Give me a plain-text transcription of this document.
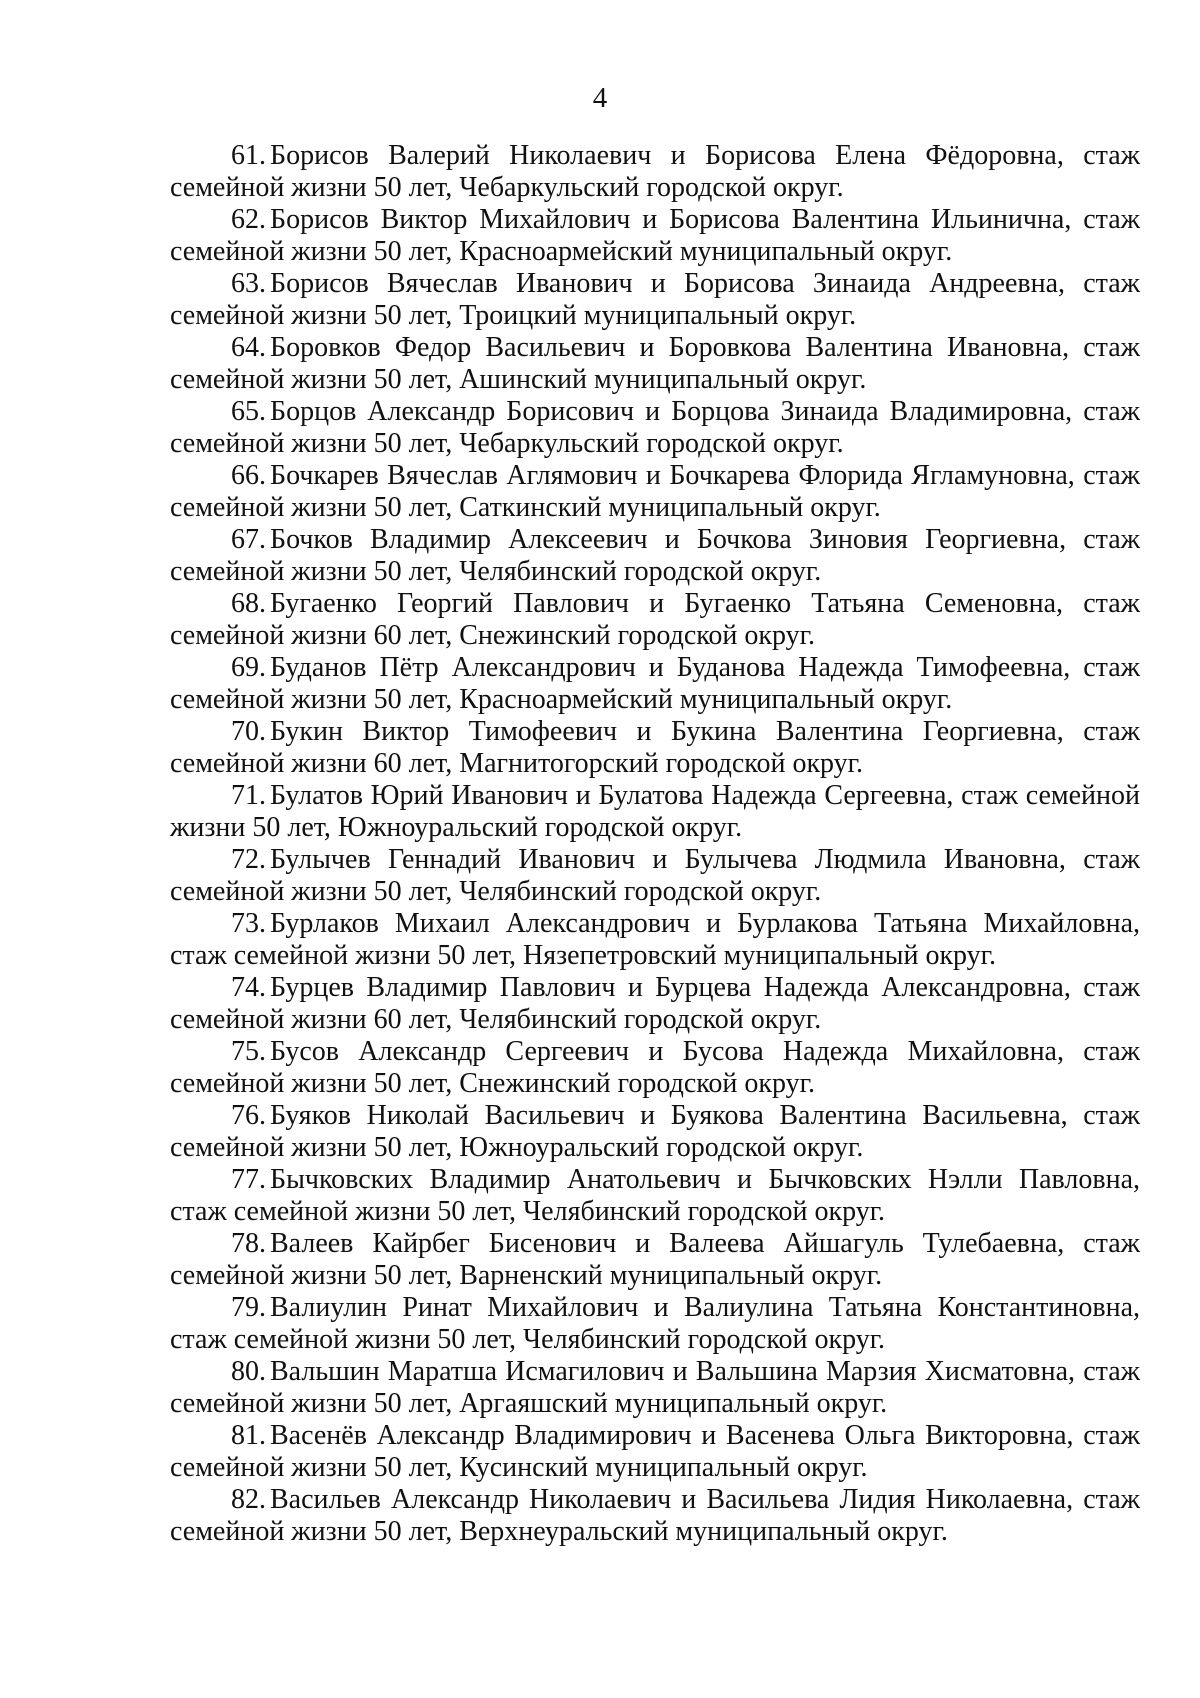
4

61. Борисов Валерий Николаевич и Борисова Елена Фёдоровна, стаж семейной жизни 50 лет, Чебаркульский городской округ.

62. Борисов Виктор Михайлович и Борисова Валентина Ильинична, стаж семейной жизни 50 лет, Красноармейский муниципальный округ.

63. Борисов Вячеслав Иванович и Борисова Зинаида Андреевна, стаж семейной жизни 50 лет, Троицкий муниципальный округ.

64. Боровков Федор Васильевич и Боровкова Валентина Ивановна, стаж семейной жизни 50 лет, Ашинский муниципальный округ.

65. Борцов Александр Борисович и Борцова Зинаида Владимировна, стаж семейной жизни 50 лет, Чебаркульский городской округ.

66. Бочкарев Вячеслав Аглямович и Бочкарева Флорида Ягламуновна, стаж семейной жизни 50 лет, Саткинский муниципальный округ.

67. Бочков Владимир Алексеевич и Бочкова Зиновия Георгиевна, стаж семейной жизни 50 лет, Челябинский городской округ.

68. Бугаенко Георгий Павлович и Бугаенко Татьяна Семеновна, стаж семейной жизни 60 лет, Снежинский городской округ.

69. Буданов Пётр Александрович и Буданова Надежда Тимофеевна, стаж семейной жизни 50 лет, Красноармейский муниципальный округ.

70. Букин Виктор Тимофеевич и Букина Валентина Георгиевна, стаж семейной жизни 60 лет, Магнитогорский городской округ.

71. Булатов Юрий Иванович и Булатова Надежда Сергеевна, стаж семейной жизни 50 лет, Южноуральский городской округ.

72. Булычев Геннадий Иванович и Булычева Людмила Ивановна, стаж семейной жизни 50 лет, Челябинский городской округ.

73. Бурлаков Михаил Александрович и Бурлакова Татьяна Михайловна, стаж семейной жизни 50 лет, Нязепетровский муниципальный округ.

74. Бурцев Владимир Павлович и Бурцева Надежда Александровна, стаж семейной жизни 60 лет, Челябинский городской округ.

75. Бусов Александр Сергеевич и Бусова Надежда Михайловна, стаж семейной жизни 50 лет, Снежинский городской округ.

76. Буяков Николай Васильевич и Буякова Валентина Васильевна, стаж семейной жизни 50 лет, Южноуральский городской округ.

77. Бычковских Владимир Анатольевич и Бычковских Нэлли Павловна, стаж семейной жизни 50 лет, Челябинский городской округ.

78. Валеев Кайрбег Бисенович и Валеева Айшагуль Тулебаевна, стаж семейной жизни 50 лет, Варненский муниципальный округ.

79. Валиулин Ринат Михайлович и Валиулина Татьяна Константиновна, стаж семейной жизни 50 лет, Челябинский городской округ.

80. Вальшин Маратша Исмагилович и Вальшина Марзия Хисматовна, стаж семейной жизни 50 лет, Аргаяшский муниципальный округ.

81. Васенёв Александр Владимирович и Васенева Ольга Викторовна, стаж семейной жизни 50 лет, Кусинский муниципальный округ.

82. Васильев Александр Николаевич и Васильева Лидия Николаевна, стаж семейной жизни 50 лет, Верхнеуральский муниципальный округ.
